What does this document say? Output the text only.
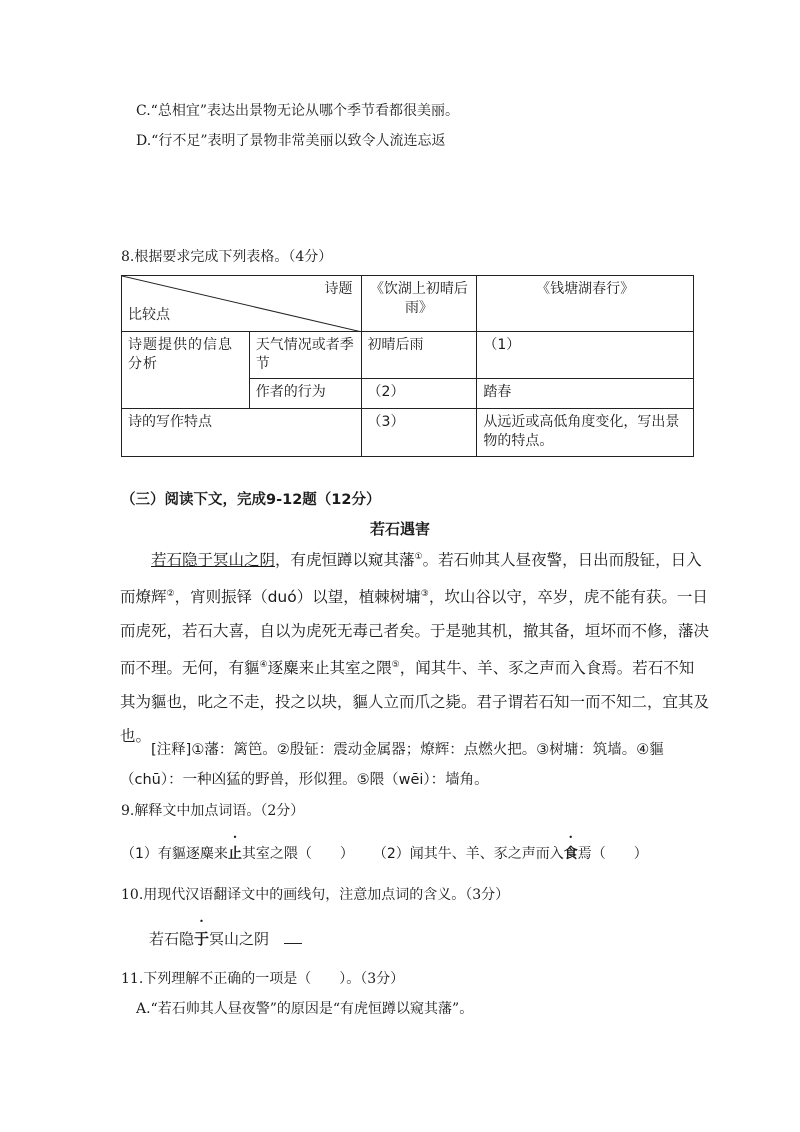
C.“总相宜”表达出景物无论从哪个季节看都很美丽。
D.“行不足”表明了景物非常美丽以致令人流连忘返
8.根据要求完成下列表格。（4分）
诗题
比较点		《饮湖上初晴后雨》	《钱塘湖春行》
诗题提供的信息分析	天气情况或者季节	初晴后雨	（1）
	作者的行为	（2）	踏春
诗的写作特点		（3）	从远近或高低角度变化，写出景物的特点。
（三）阅读下文，完成9-12题（12分）
若石遇害
若石隐于冥山之阴，有虎恒蹲以窥其藩①。若石帅其人昼夜警，日出而殷钲，日入
而燎辉②，宵则振铎（duó）以望，植棘树墉③，坎山谷以守，卒岁，虎不能有获。一日
而虎死，若石大喜，自以为虎死无毒己者矣。于是驰其机，撤其备，垣坏而不修，藩决
而不理。无何，有貙④逐麋来止其室之隈⑤，闻其牛、羊、豕之声而入食焉。若石不知
其为貙也，叱之不走，投之以块，貙人立而爪之毙。君子谓若石知一而不知二，宜其及
也。
[注释]①藩：篱笆。②殷钲：震动金属器；燎辉：点燃火把。③树墉：筑墙。④貙
（chū）：一种凶猛的野兽，形似狸。⑤隈（wēi）：墙角。
9.解释文中加点词语。（2分）
（1）有貙逐麋来止其室之隈（　　） （2）闻其牛、羊、豕之声而入食焉（　　）
10.用现代汉语翻译文中的画线句，注意加点词的含义。（3分）
若石隐于冥山之阴
11.下列理解不正确的一项是（　　）。（3分）
A.“若石帅其人昼夜警”的原因是“有虎恒蹲以窥其藩”。
